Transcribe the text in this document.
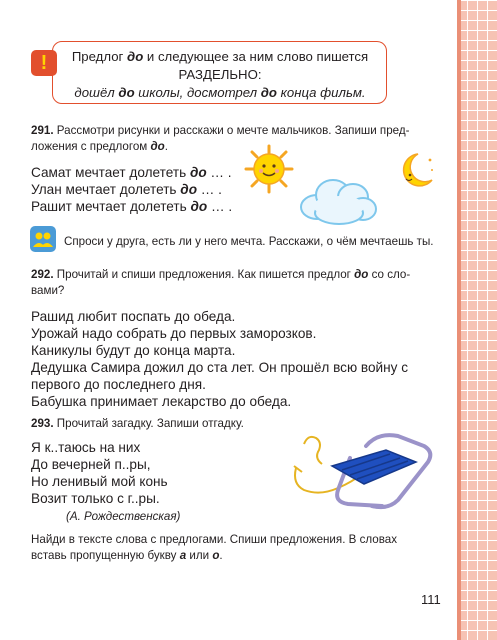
!	Предлог до и следующее за ним слово пишется
РАЗДЕЛЬНО:
дошёл до школы, досмотрел до конца фильм.
291. Рассмотри рисунки и расскажи о мечте мальчиков. Запиши пред-
ложения с предлогом до.
Самат мечтает долететь до … .
Улан мечтает долететь до … .
Рашит мечтает долететь до … .
Спроси у друга, есть ли у него мечта. Расскажи, о чём мечтаешь ты.
292. Прочитай и спиши предложения. Как пишется предлог до со сло-
вами?
Рашид любит поспать до обеда.
Урожай надо собрать до первых заморозков.
Каникулы будут до конца марта.
Дедушка Самира дожил до ста лет. Он прошёл всю войну с
первого до последнего дня.
Бабушка принимает лекарство до обеда.
293. Прочитай загадку. Запиши отгадку.
Я к..таюсь на них
До вечерней п..ры,
Но ленивый мой конь
Возит только с г..ры.
(А. Рождественская)
Найди в тексте слова с предлогами. Спиши предложения. В словах
вставь пропущенную букву а или о.
111
